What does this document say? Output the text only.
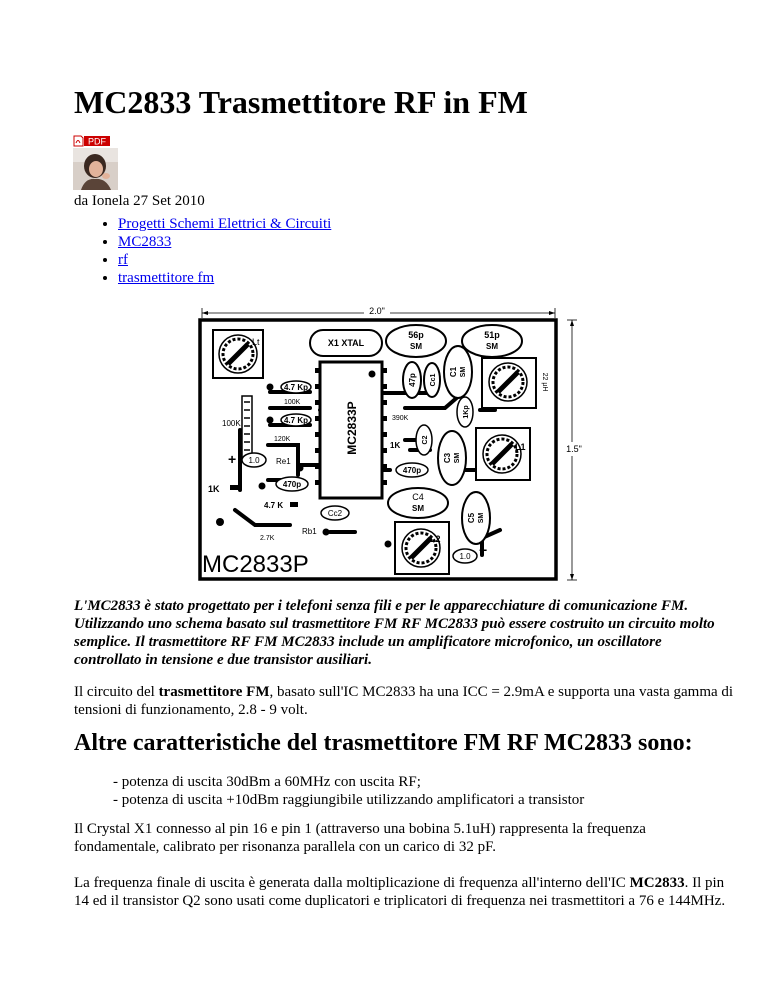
MC2833 Trasmettitore RF in FM
PDF
da Ionela 27 Set 2010
• Progetti Schemi Elettrici & Circuiti
• MC2833
• rf
• trasmettitore fm
2.0"
1.5"
Lt	X1 XTAL
56p
SM
51p
SM
MC2833P
47p Cc1
C1 SM
22 µH
4.7 Kp
100K
4.7 Kp
120K
100K
390K	1Kp
1K
C2
C3 SM
L1
+ 1.0 Re1
470p
470p
1K
4.7 K
C4
SM
C5 SM
Cc2
2.7K
Rb1
L2
1.0 +
MC2833P

L'MC2833 è stato progettato per i telefoni senza fili e per le apparecchiature di comunicazione FM. Utilizzando uno schema basato sul trasmettitore FM RF MC2833 può essere costruito un circuito molto semplice. Il trasmettitore RF FM MC2833 include un amplificatore microfonico, un oscillatore controllato in tensione e due transistor ausiliari.

Il circuito del trasmettitore FM, basato sull'IC MC2833 ha una ICC = 2.9mA e supporta una vasta gamma di tensioni di funzionamento, 2.8 - 9 volt.

Altre caratteristiche del trasmettitore FM RF MC2833 sono:
- potenza di uscita 30dBm a 60MHz con uscita RF;
- potenza di uscita +10dBm raggiungibile utilizzando amplificatori a transistor

Il Crystal X1 connesso al pin 16 e pin 1 (attraverso una bobina 5.1uH) rappresenta la frequenza fondamentale, calibrato per risonanza parallela con un carico di 32 pF.

La frequenza finale di uscita è generata dalla moltiplicazione di frequenza all'interno dell'IC MC2833. Il pin 14 ed il transistor Q2 sono usati come duplicatori e triplicatori di frequenza nei trasmettitori a 76 e 144MHz.
